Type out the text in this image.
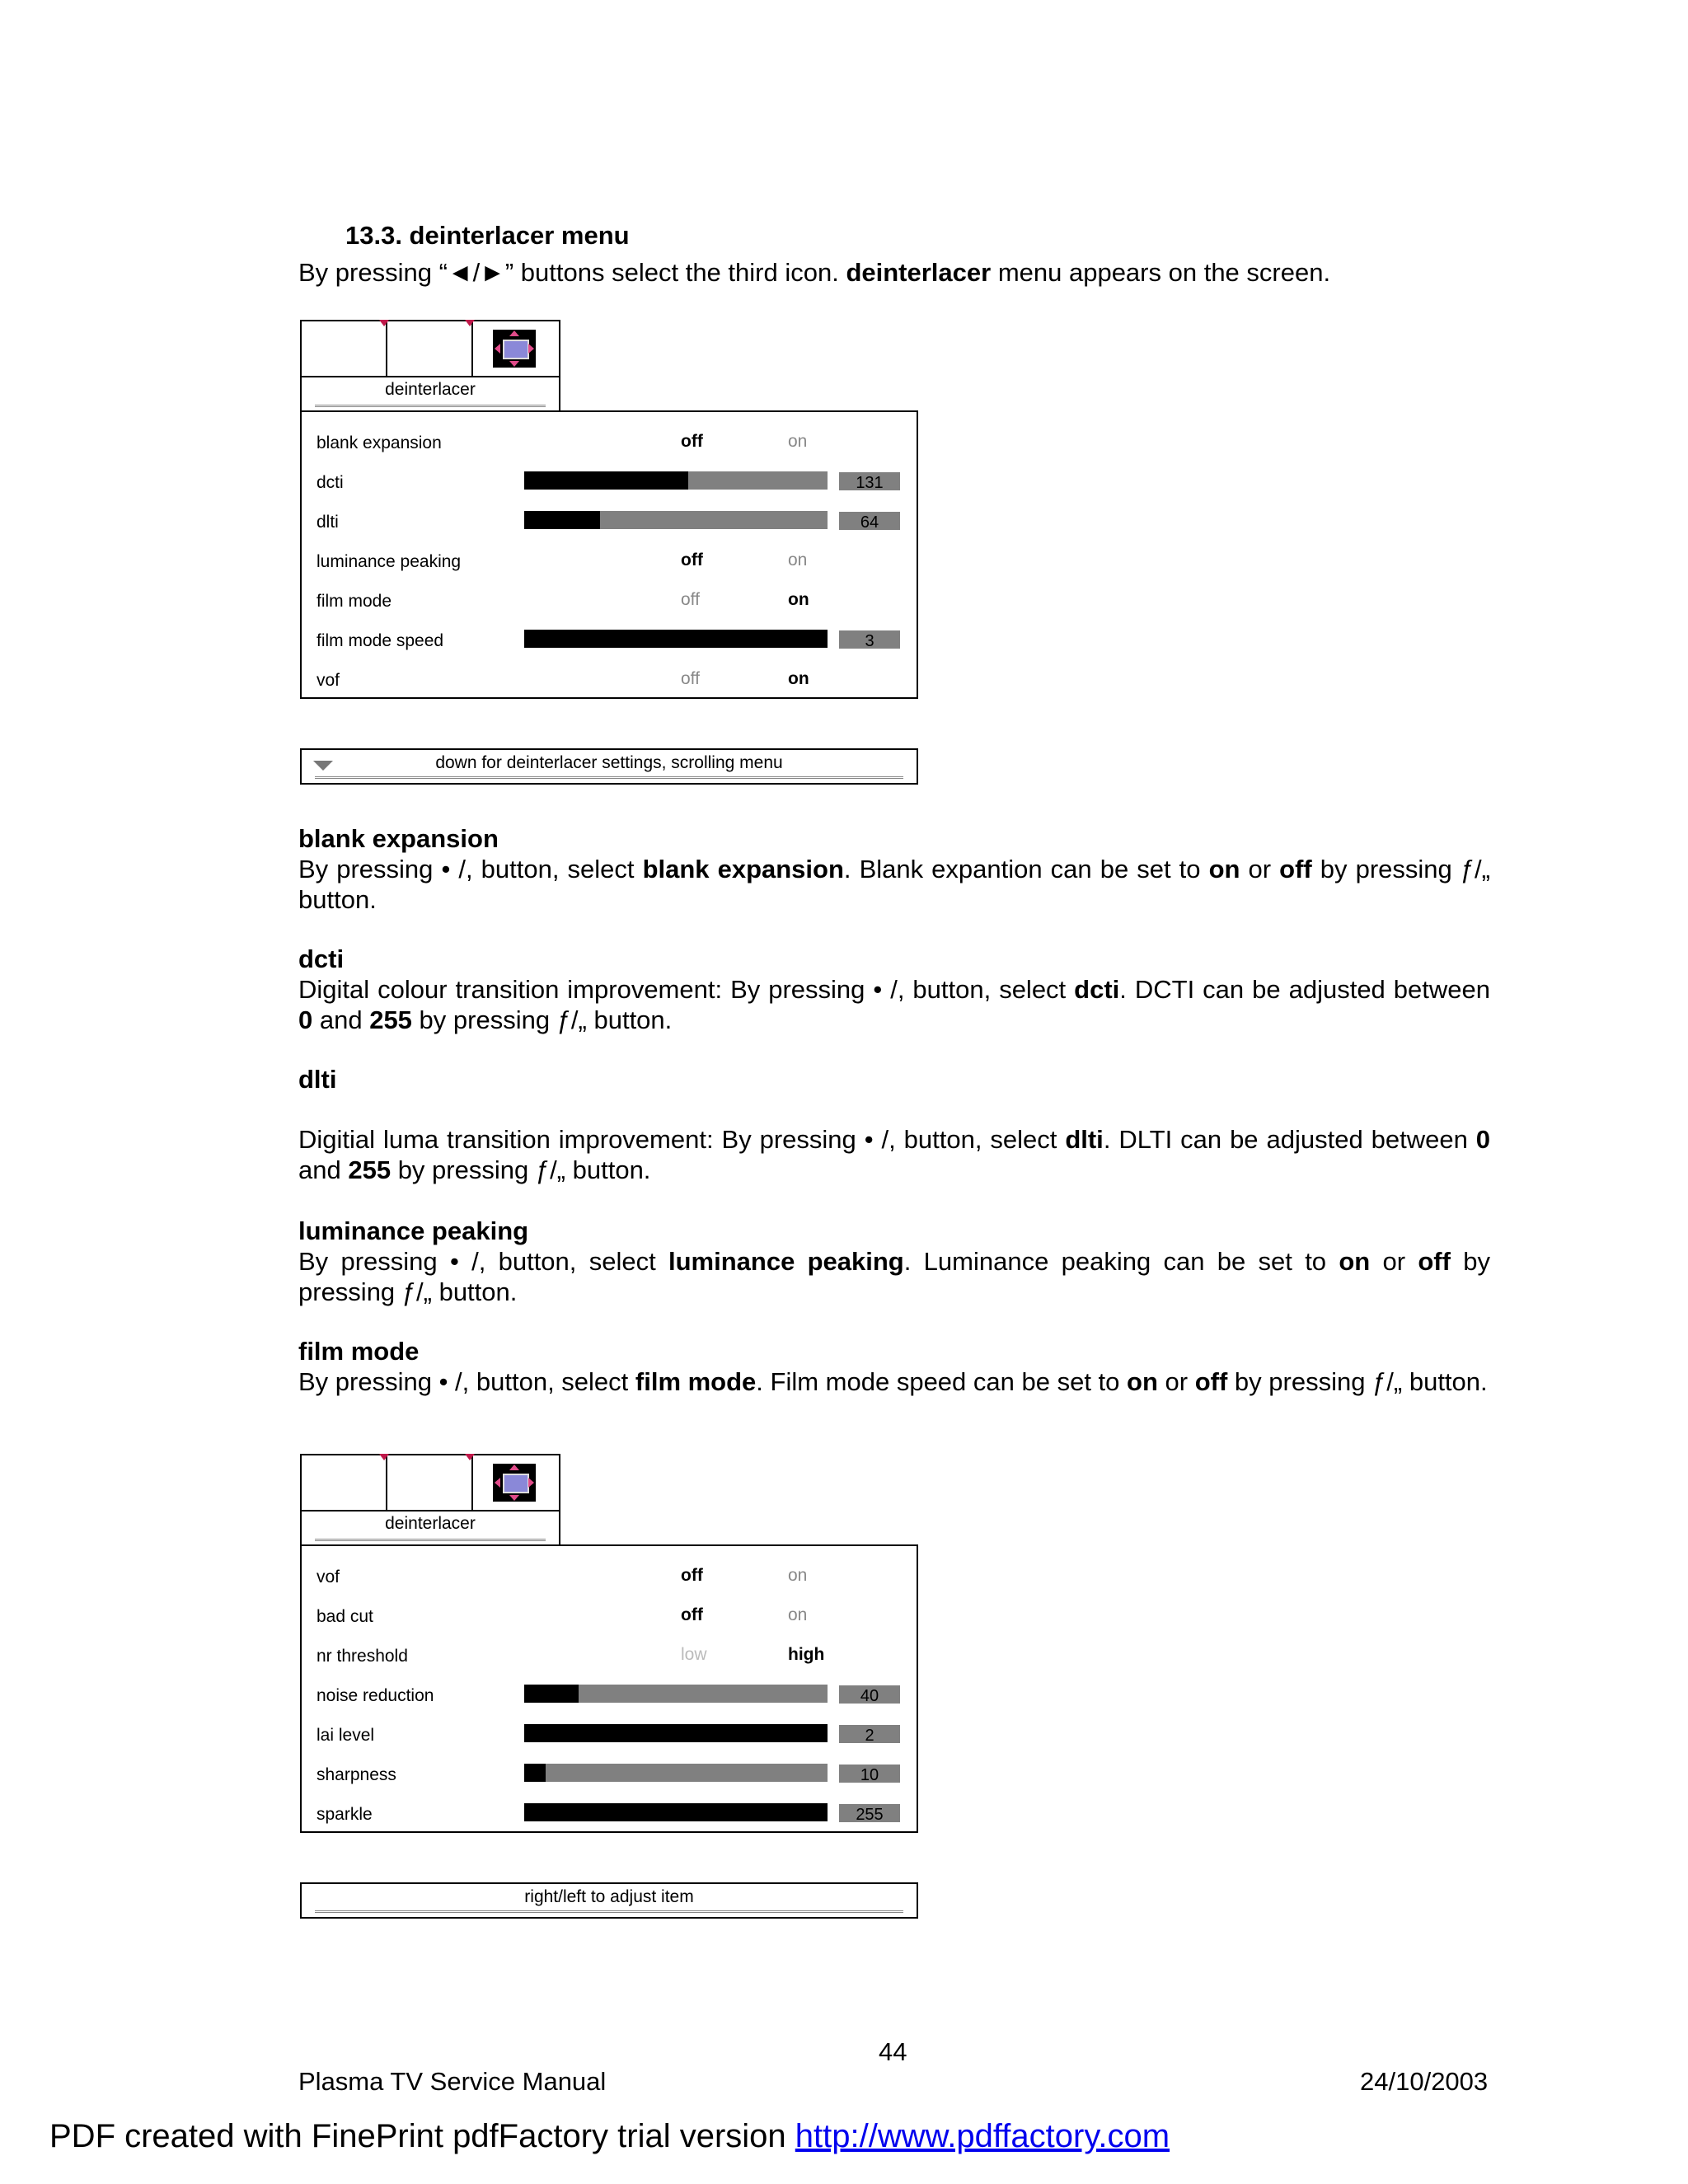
13.3. deinterlacer menu
By pressing “◄/►” buttons select the third icon. deinterlacer menu appears on the screen.
deinterlacer
blank expansion	off	on
dcti	131
dlti	64
luminance peaking	off	on
film mode	off	on
film mode speed	3
vof	off	on
down for deinterlacer settings, scrolling menu
blank expansion
By pressing • /, button, select blank expansion. Blank expantion can be set to on or off by pressing ƒ/„ button.
dcti
Digital colour transition improvement: By pressing • /, button, select dcti. DCTI can be adjusted between 0 and 255 by pressing ƒ/„ button.
dlti
Digitial luma transition improvement: By pressing • /, button, select dlti. DLTI can be adjusted between 0 and 255 by pressing ƒ/„ button.
luminance peaking
By pressing • /, button, select luminance peaking. Luminance peaking can be set to on or off by pressing ƒ/„ button.
film mode
By pressing • /, button, select film mode. Film mode speed can be set to on or off by pressing ƒ/„ button.
deinterlacer
vof	off	on
bad cut	off	on
nr threshold	low	high
noise reduction	40
lai level	2
sharpness	10
sparkle	255
right/left to adjust item
44
Plasma TV Service Manual	24/10/2003
PDF created with FinePrint pdfFactory trial version http://www.pdffactory.com
